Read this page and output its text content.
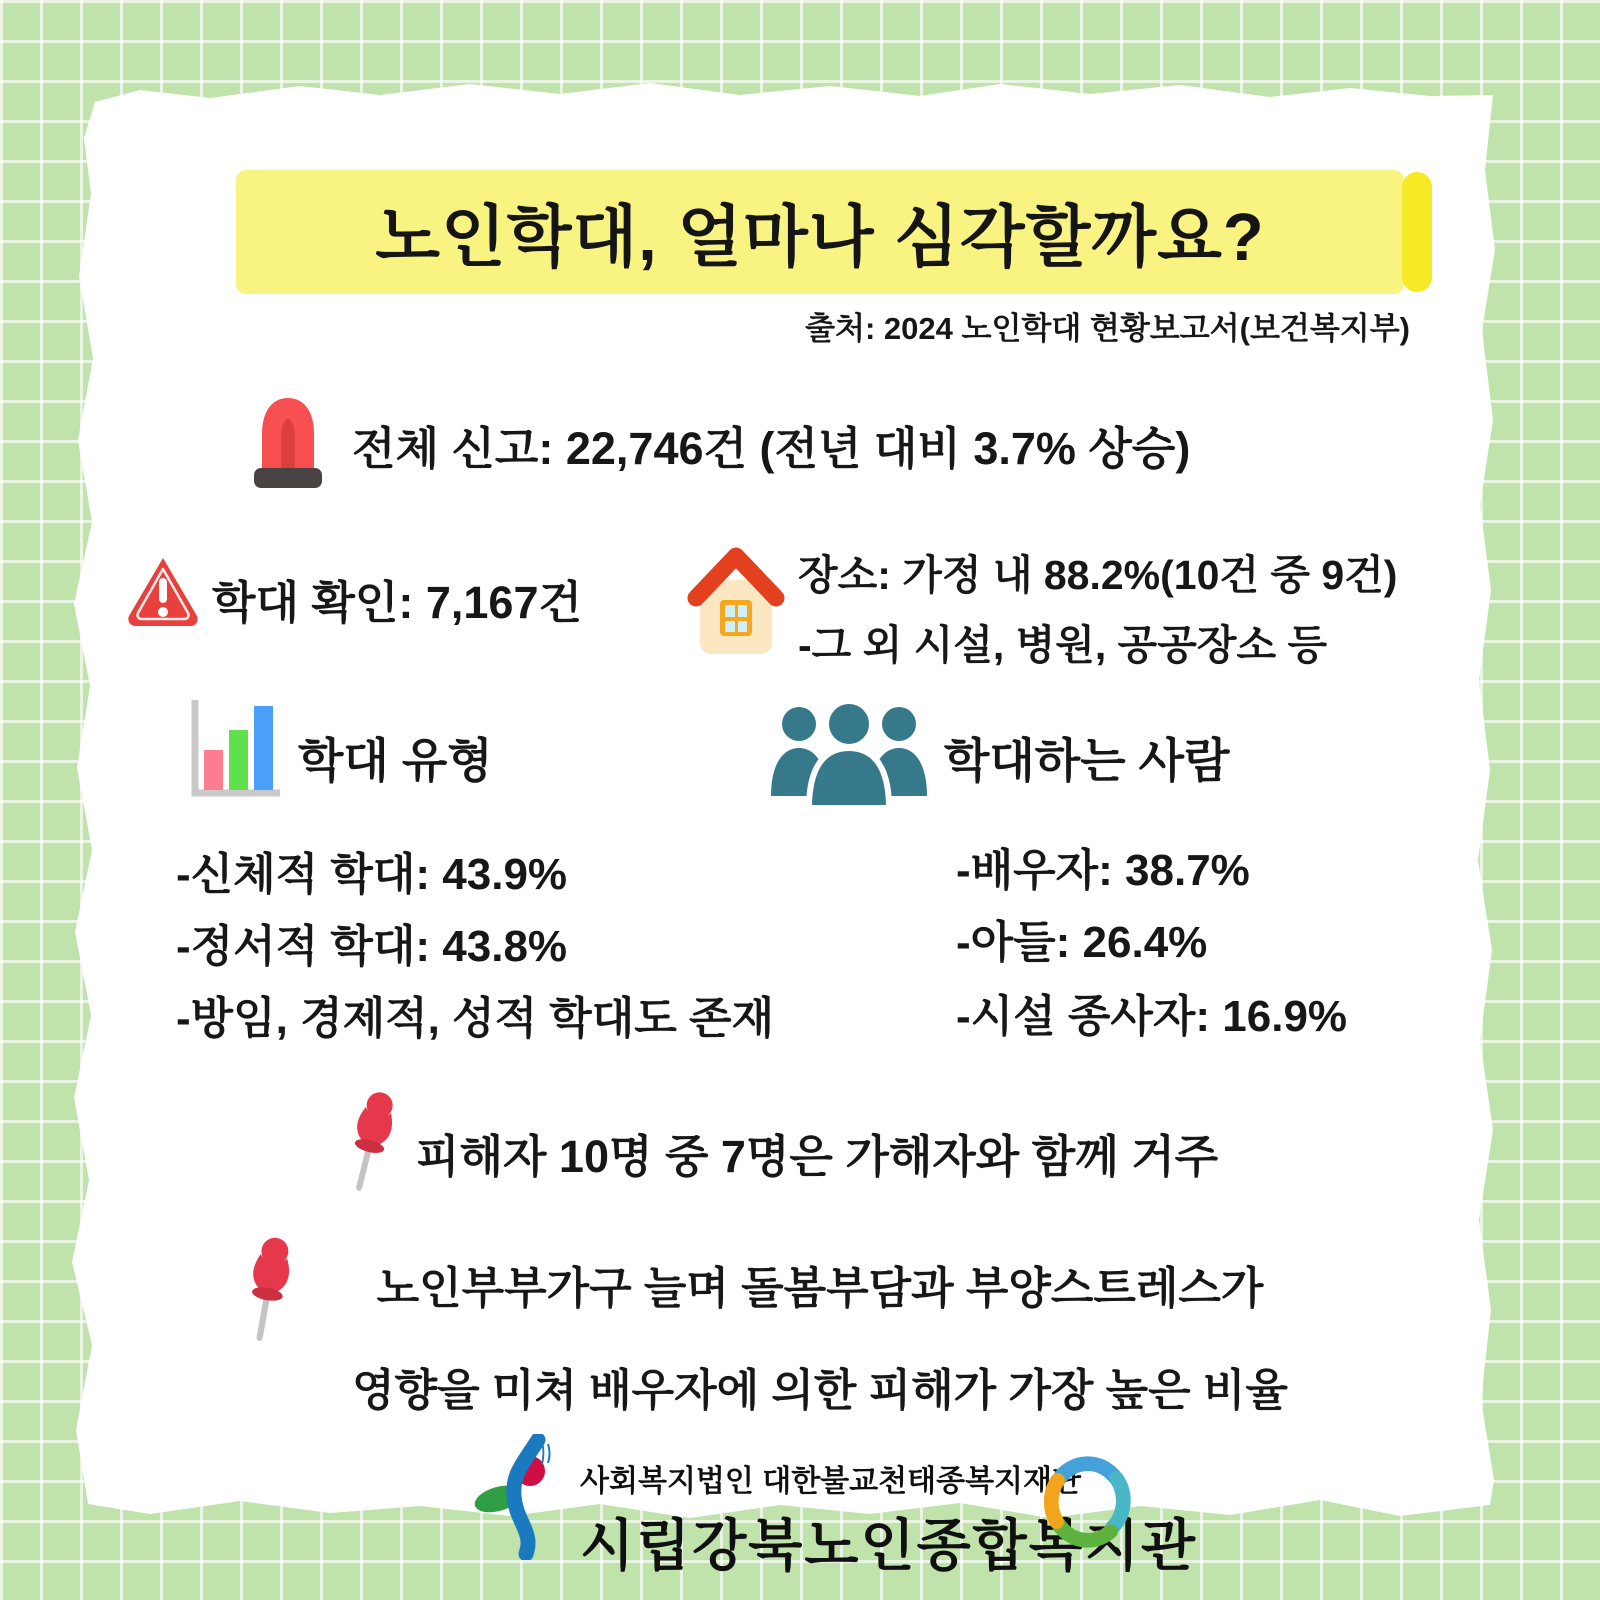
노인학대, 얼마나 심각할까요?
출처: 2024 노인학대 현황보고서(보건복지부)
전체 신고: 22,746건 (전년 대비 3.7% 상승)
학대 확인: 7,167건
장소: 가정 내 88.2%(10건 중 9건)
-그 외 시설, 병원, 공공장소 등
학대 유형
-신체적 학대: 43.9%
-정서적 학대: 43.8%
-방임, 경제적, 성적 학대도 존재
학대하는 사람
-배우자: 38.7%
-아들: 26.4%
-시설 종사자: 16.9%
피해자 10명 중 7명은 가해자와 함께 거주
노인부부가구 늘며 돌봄부담과 부양스트레스가
영향을 미쳐 배우자에 의한 피해가 가장 높은 비율
사회복지법인 대한불교천태종복지재단
시립강북노인종합복지관
